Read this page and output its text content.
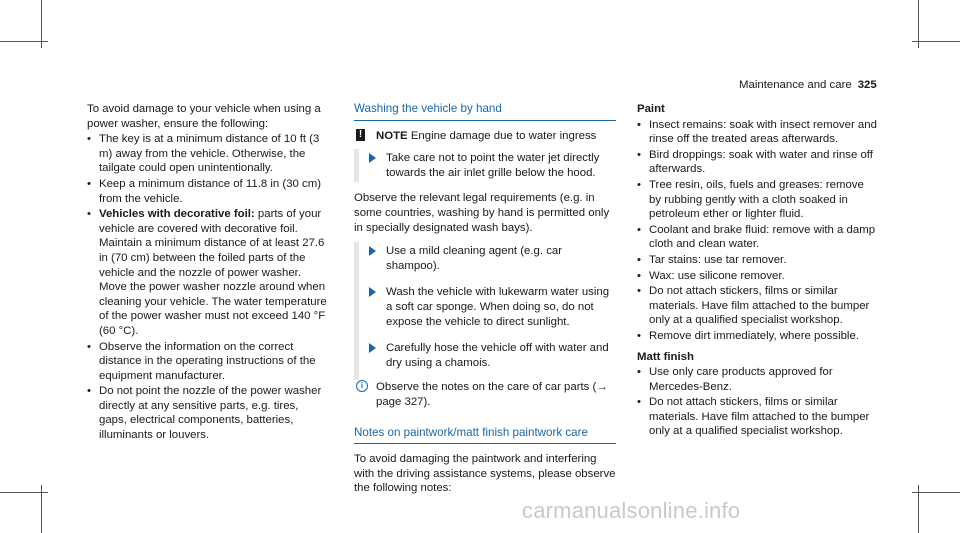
Maintenance and care 325

To avoid damage to your vehicle when using a power washer, ensure the following:

• The key is at a minimum distance of 10 ft (3 m) away from the vehicle. Otherwise, the tailgate could open unintentionally.
• Keep a minimum distance of 11.8 in (30 cm) from the vehicle.
• Vehicles with decorative foil: parts of your vehicle are covered with decorative foil. Maintain a minimum distance of at least 27.6 in (70 cm) between the foiled parts of the vehicle and the nozzle of power washer. Move the power washer nozzle around when cleaning your vehicle. The water temperature of the power washer must not exceed 140 °F (60 °C).
• Observe the information on the correct distance in the operating instructions of the equipment manufacturer.
• Do not point the nozzle of the power washer directly at any sensitive parts, e.g. tires, gaps, electrical components, batteries, illuminants or louvers.
Washing the vehicle by hand
! NOTE Engine damage due to water ingress

Take care not to point the water jet directly towards the air inlet grille below the hood.

Observe the relevant legal requirements (e.g. in some countries, washing by hand is permitted only in specially designated wash bays).

Use a mild cleaning agent (e.g. car shampoo).

Wash the vehicle with lukewarm water using a soft car sponge. When doing so, do not expose the vehicle to direct sunlight.

Carefully hose the vehicle off with water and dry using a chamois.

i	Observe the notes on the care of car parts (→ page 327).

Notes on paintwork/matt finish paintwork care

To avoid damaging the paintwork and interfering with the driving assistance systems, please observe the following notes:

Paint

• Insect remains: soak with insect remover and rinse off the treated areas afterwards.
• Bird droppings: soak with water and rinse off afterwards.
• Tree resin, oils, fuels and greases: remove by rubbing gently with a cloth soaked in petroleum ether or lighter fluid.
• Coolant and brake fluid: remove with a damp cloth and clean water.
• Tar stains: use tar remover.
• Wax: use silicone remover.
• Do not attach stickers, films or similar materials. Have film attached to the bumper only at a qualified specialist workshop.
• Remove dirt immediately, where possible.

Matt finish

• Use only care products approved for Mercedes-Benz.
• Do not attach stickers, films or similar materials. Have film attached to the bumper only at a qualified specialist workshop.
carmanualsonline.info
